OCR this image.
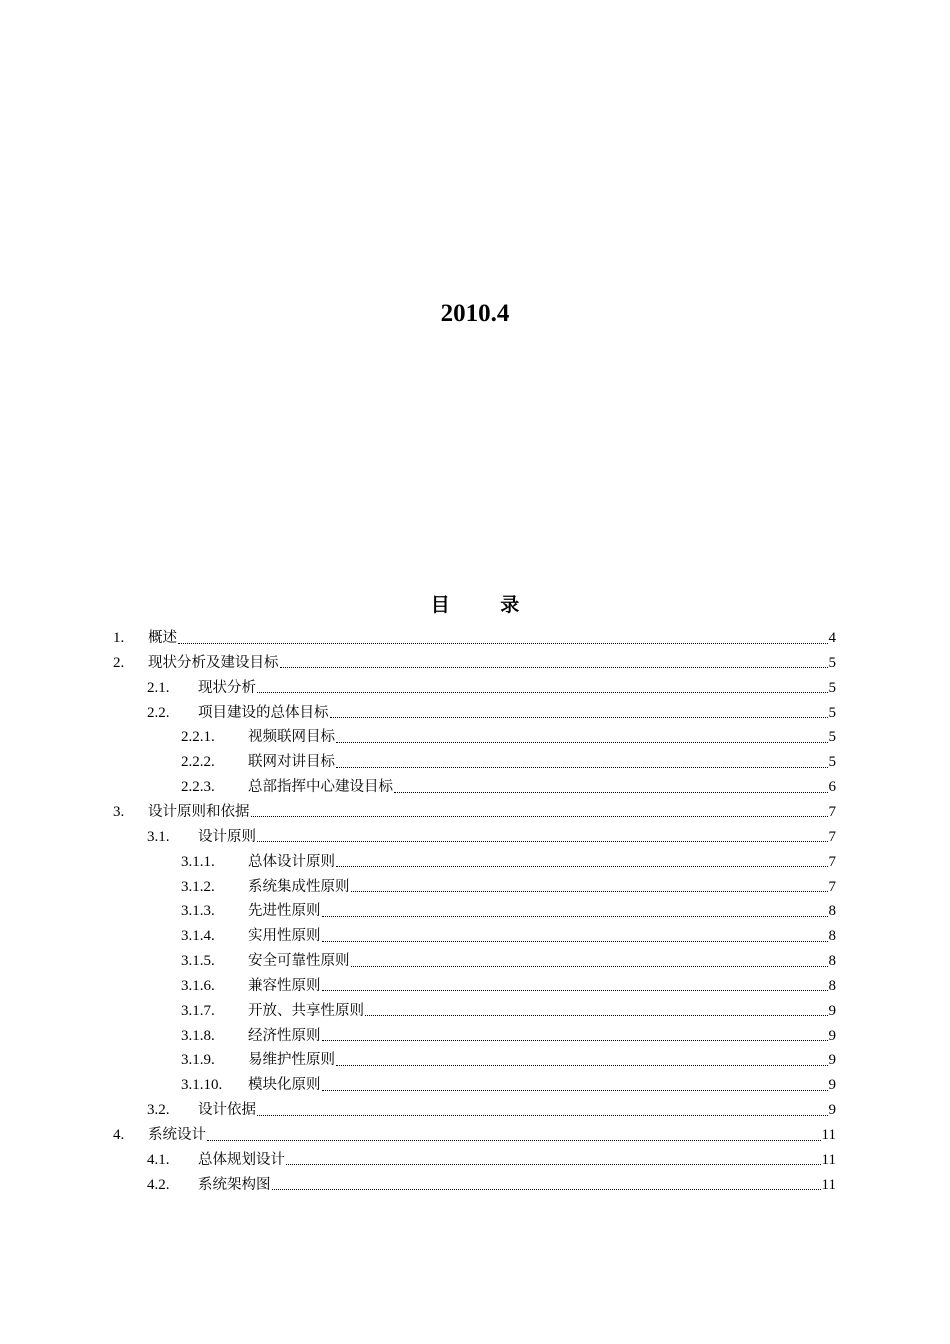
2010.4
目 录
1.	概述	4
2.	现状分析及建设目标	5
2.1.	现状分析	5
2.2.	项目建设的总体目标	5
2.2.1.	视频联网目标	5
2.2.2.	联网对讲目标	5
2.2.3.	总部指挥中心建设目标	6
3.	设计原则和依据	7
3.1.	设计原则	7
3.1.1.	总体设计原则	7
3.1.2.	系统集成性原则	7
3.1.3.	先进性原则	8
3.1.4.	实用性原则	8
3.1.5.	安全可靠性原则	8
3.1.6.	兼容性原则	8
3.1.7.	开放、共享性原则	9
3.1.8.	经济性原则	9
3.1.9.	易维护性原则	9
3.1.10.	模块化原则	9
3.2.	设计依据	9
4.	系统设计	11
4.1.	总体规划设计	11
4.2.	系统架构图	11
